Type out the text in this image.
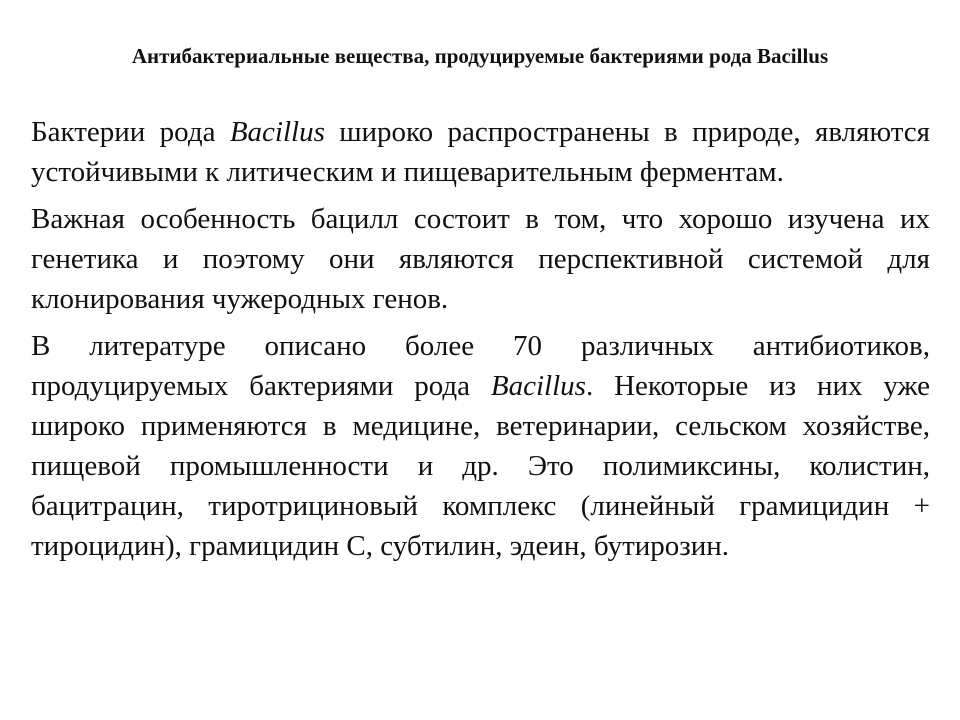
Антибактериальные вещества, продуцируемые бактериями рода Bacillus

Бактерии рода Bacillus широко распространены в природе, являются устойчивыми к литическим и пищеварительным ферментам.

Важная особенность бацилл состоит в том, что хорошо изучена их генетика и поэтому они являются перспективной системой для клонирования чужеродных генов.

В литературе описано более 70 различных антибиотиков, продуцируемых бактериями рода Bacillus. Некоторые из них уже широко применяются в медицине, ветеринарии, сельском хозяйстве, пищевой промышленности и др. Это полимиксины, колистин, бацитрацин, тиротрициновый комплекс (линейный грамицидин + тироцидин), грамицидин С, субтилин, эдеин, бутирозин.
